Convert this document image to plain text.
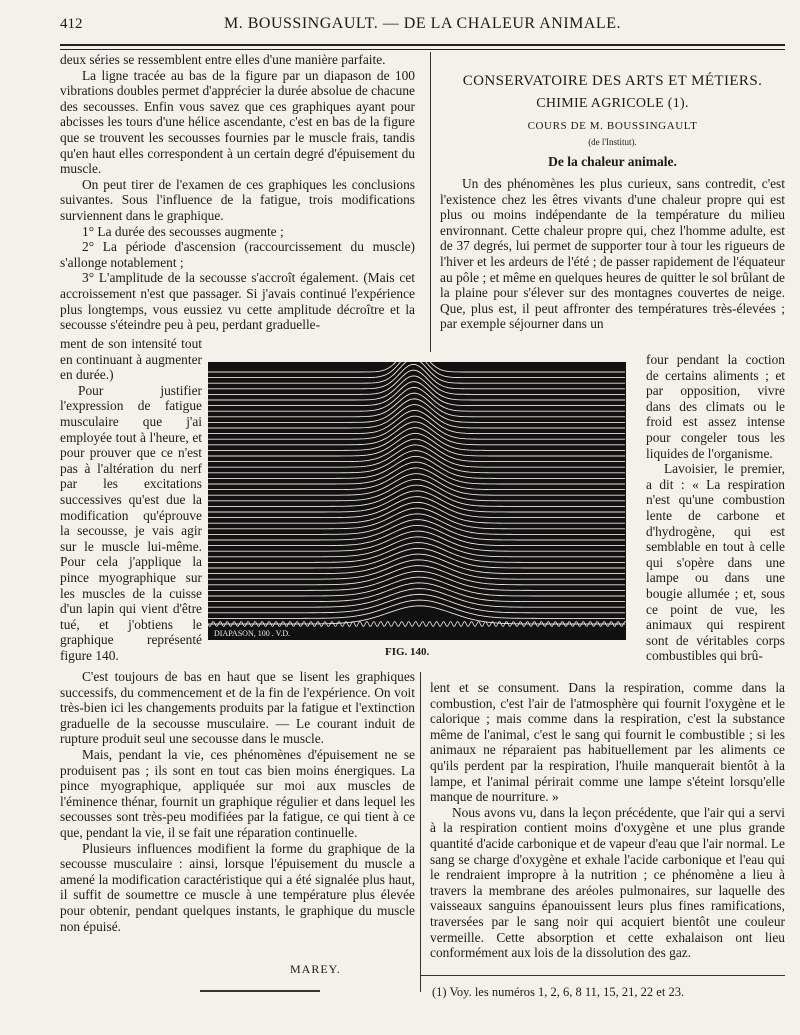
412	M. BOUSSINGAULT. — DE LA CHALEUR ANIMALE.

deux séries se ressemblent entre elles d'une manière parfaite.

La ligne tracée au bas de la figure par un diapason de 100 vibrations doubles permet d'apprécier la durée absolue de chacune des secousses. Enfin vous savez que ces graphiques ayant pour abcisses les tours d'une hélice ascendante, c'est en bas de la figure que se trouvent les secousses fournies par le muscle frais, tandis qu'en haut elles correspondent à un certain degré d'épuisement du muscle.

On peut tirer de l'examen de ces graphiques les conclusions suivantes. Sous l'influence de la fatigue, trois modifications surviennent dans le graphique.

1° La durée des secousses augmente ;

2° La période d'ascension (raccourcissement du muscle) s'allonge notablement ;

3° L'amplitude de la secousse s'accroît également. (Mais cet accroissement n'est que passager. Si j'avais continué l'expérience plus longtemps, vous eussiez vu cette amplitude décroître et la secousse s'éteindre peu à peu, perdant graduelle-

ment de son intensité tout en continuant à augmenter en durée.)

Pour justifier l'expression de fatigue musculaire que j'ai employée tout à l'heure, et pour prouver que ce n'est pas à l'altération du nerf par les excitations successives qu'est due la modification qu'éprouve la secousse, je vais agir sur le muscle lui-même. Pour cela j'applique la pince myographique sur les muscles de la cuisse d'un lapin qui vient d'être tué, et j'obtiens le graphique représenté figure 140.

C'est toujours de bas en haut que se lisent les graphiques successifs, du commencement et de la fin de l'expérience. On voit très-bien ici les changements produits par la fatigue et l'extinction graduelle de la secousse musculaire. — Le courant induit de rupture produit seul une secousse dans le muscle.

Mais, pendant la vie, ces phénomènes d'épuisement ne se produisent pas ; ils sont en tout cas bien moins énergiques. La pince myographique, appliquée sur moi aux muscles de l'éminence thénar, fournit un graphique régulier et dans lequel les secousses sont très-peu modifiées par la fatigue, ce qui tient à ce que, pendant la vie, il se fait une réparation continuelle.

Plusieurs influences modifient la forme du graphique de la secousse musculaire : ainsi, lorsque l'épuisement du muscle a amené la modification caractéristique qui a été signalée plus haut, il suffit de soumettre ce muscle à une température plus élevée pour obtenir, pendant quelques instants, le graphique du muscle non épuisé.

MAREY.

CONSERVATOIRE DES ARTS ET MÉTIERS.

CHIMIE AGRICOLE (1).

COURS DE M. BOUSSINGAULT

(de l'Institut).

De la chaleur animale.

Un des phénomènes les plus curieux, sans contredit, c'est l'existence chez les êtres vivants d'une chaleur propre qui est plus ou moins indépendante de la température du milieu environnant. Cette chaleur propre qui, chez l'homme adulte, est de 37 degrés, lui permet de supporter tour à tour les rigueurs de l'hiver et les ardeurs de l'été ; de passer rapidement de l'équateur au pôle ; et même en quelques heures de quitter le sol brûlant de la plaine pour s'élever sur des montagnes couvertes de neige. Que, plus est, il peut affronter des températures très-élevées ; par exemple séjourner dans un

four pendant la coction de certains aliments ; et par opposition, vivre dans des climats ou le froid est assez intense pour congeler tous les liquides de l'organisme.

Lavoisier, le premier, a dit : « La respiration n'est qu'une combustion lente de carbone et d'hydrogène, qui est semblable en tout à celle qui s'opère dans une lampe ou dans une bougie allumée ; et, sous ce point de vue, les animaux qui respirent sont de véritables corps combustibles qui brû-

lent et se consument. Dans la respiration, comme dans la combustion, c'est l'air de l'atmosphère qui fournit l'oxygène et le calorique ; mais comme dans la respiration, c'est la substance même de l'animal, c'est le sang qui fournit le combustible ; si les animaux ne réparaient pas habituellement par les aliments ce qu'ils perdent par la respiration, l'huile manquerait bientôt à la lampe, et l'animal périrait comme une lampe s'éteint lorsqu'elle manque de nourriture. »

Nous avons vu, dans la leçon précédente, que l'air qui a servi à la respiration contient moins d'oxygène et une plus grande quantité d'acide carbonique et de vapeur d'eau que l'air normal. Le sang se charge d'oxygène et exhale l'acide carbonique et l'eau qui le rendraient impropre à la nutrition ; ce phénomène a lieu à travers la membrane des aréoles pulmonaires, sur laquelle des vaisseaux sanguins épanouissent leurs plus fines ramifications, traversées par le sang noir qui acquiert bientôt une couleur vermeille. Cette absorption et cette exhalaison ont lieu conformément aux lois de la dissolution des gaz.

(1) Voy. les numéros 1, 2, 6, 8 11, 15, 21, 22 et 23.
DIAPASON, 100 . V.D.
FIG. 140.
